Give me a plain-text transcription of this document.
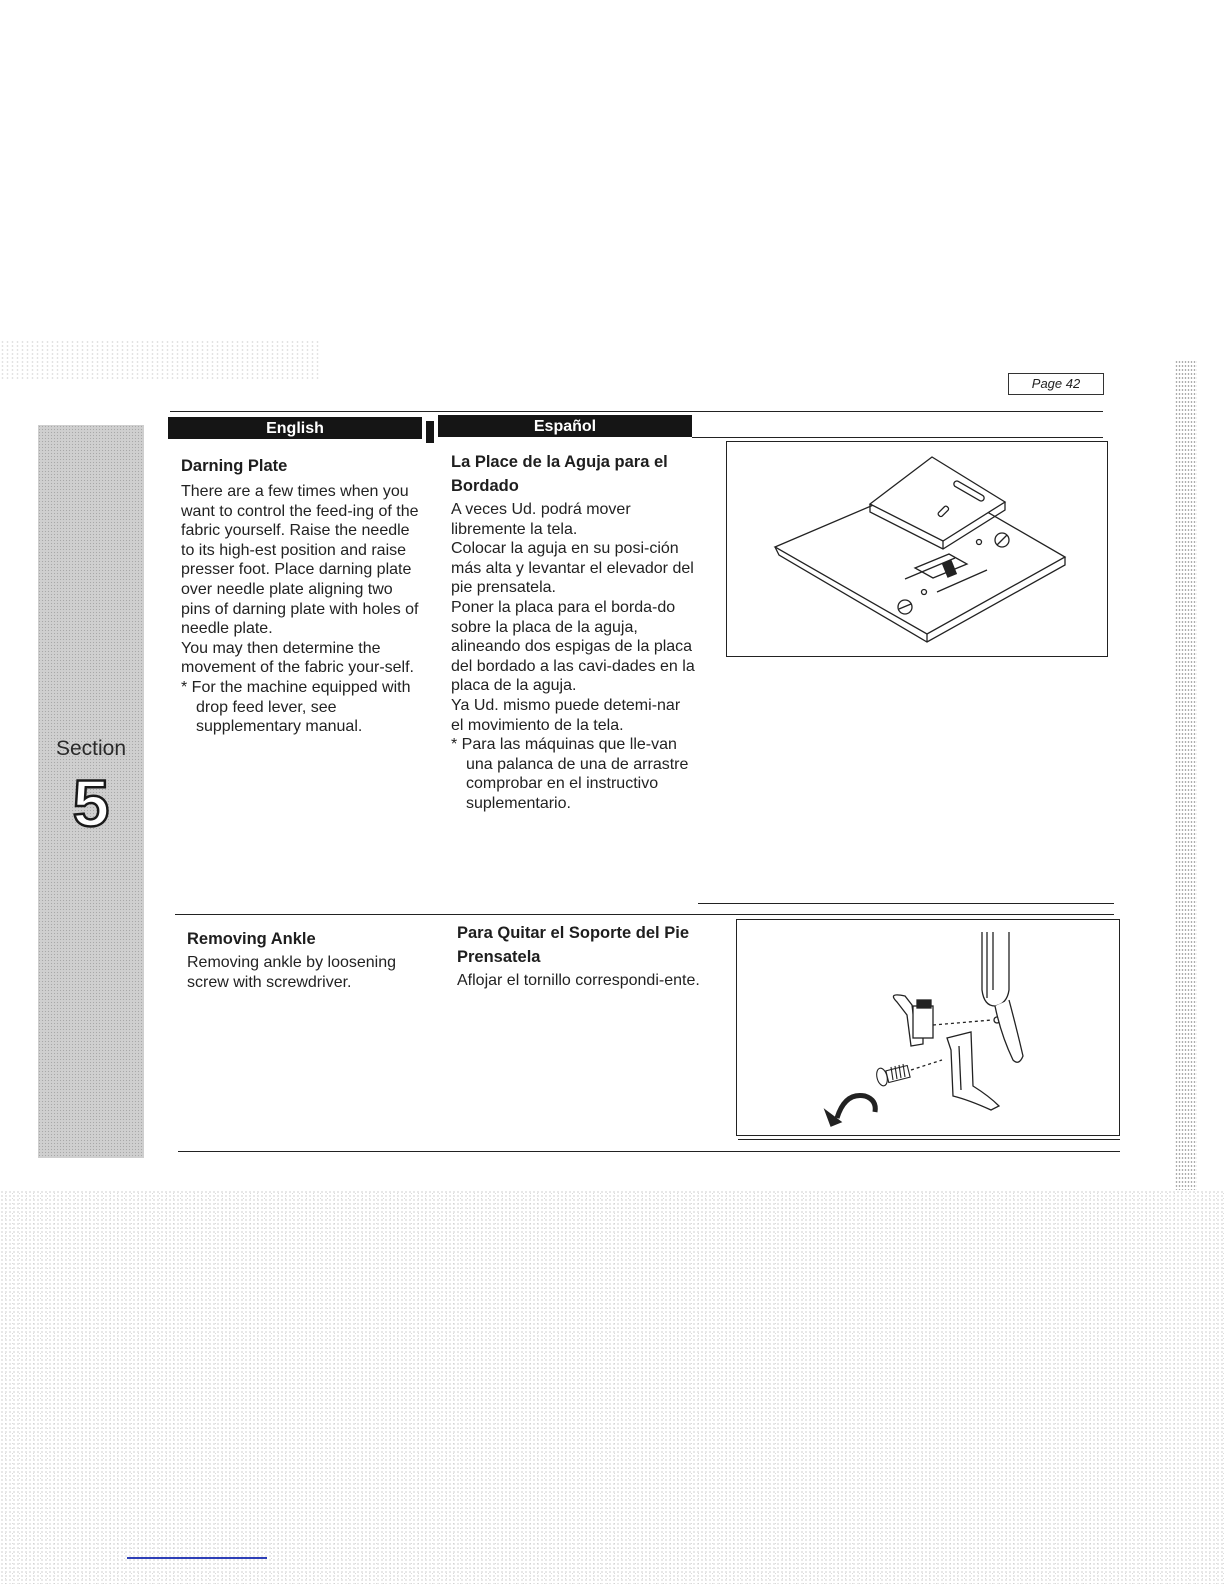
Page 42
Section
5
English	Español
Darning Plate
There are a few times when you want to control the feed-ing of the fabric yourself. Raise the needle to its high-est position and raise presser foot. Place darning plate over needle plate aligning two pins of darning plate with holes of needle plate.
You may then determine the movement of the fabric your-self.
* For the machine equipped with drop feed lever, see supplementary manual.
La Place de la Aguja para el Bordado
A veces Ud. podrá mover libremente la tela.
Colocar la aguja en su posi-ción más alta y levantar el elevador del pie prensatela.
Poner la placa para el borda-do sobre la placa de la aguja, alineando dos espigas de la placa del bordado a las cavi-dades en la placa de la aguja.
Ya Ud. mismo puede detemi-nar el movimiento de la tela.
* Para las máquinas que lle-van una palanca de una de arrastre comprobar en el instructivo suplementario.
Removing Ankle
Removing ankle by loosening screw with screwdriver.
Para Quitar el Soporte del Pie Prensatela
Aflojar el tornillo correspondi-ente.
